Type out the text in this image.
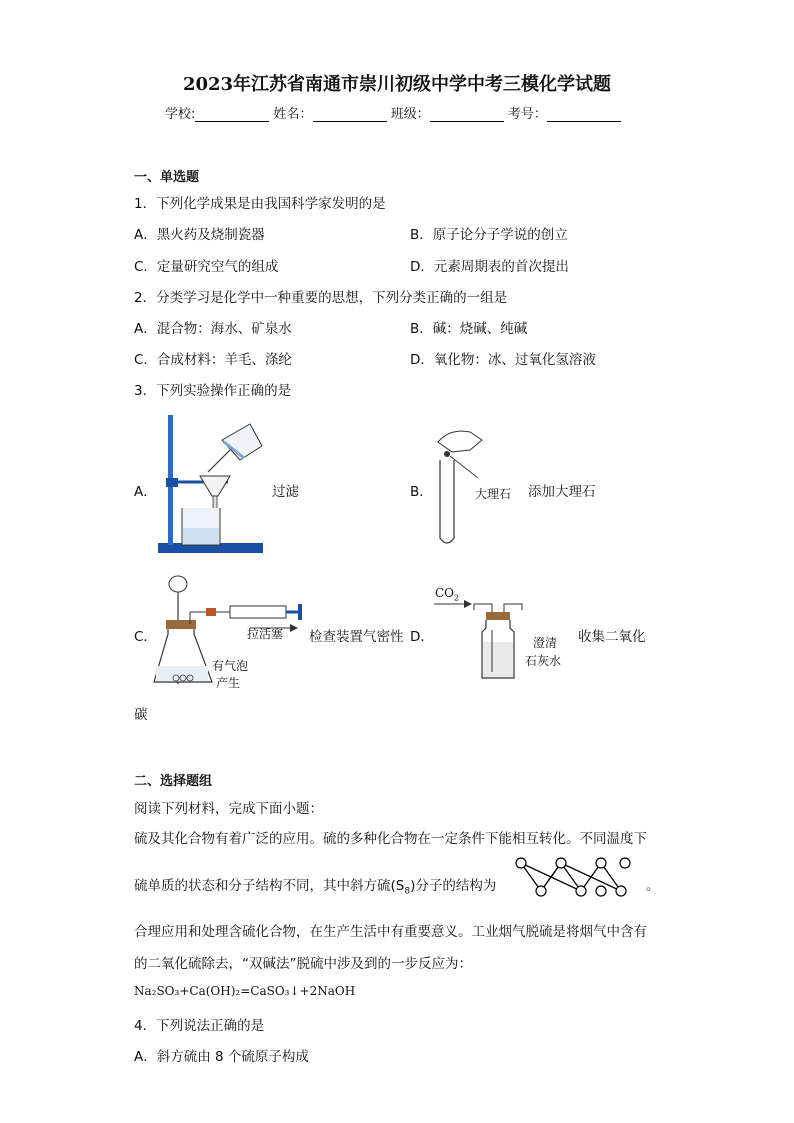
2023年江苏省南通市崇川初级中学中考三模化学试题
学校:	姓名：	班级：	考号：
一、单选题
1．下列化学成果是由我国科学家发明的是
A．黑火药及烧制瓷器	B．原子论分子学说的创立
C．定量研究空气的组成	D．元素周期表的首次提出
2．分类学习是化学中一种重要的思想，下列分类正确的一组是
A．混合物：海水、矿泉水	B．碱：烧碱、纯碱
C．合成材料：羊毛、涤纶	D．氧化物：冰、过氧化氢溶液
3．下列实验操作正确的是
A．	过滤	B．	大理石 添加大理石
C．	拉活塞
有气泡
产生
检查装置气密性 D．
$CO_2$
澄清
石灰水
收集二氧化
碳
二、选择题组
阅读下列材料，完成下面小题：
硫及其化合物有着广泛的应用。硫的多种化合物在一定条件下能相互转化。不同温度下
硫单质的状态和分子结构不同，其中斜方硫$(S_8)$分子的结构为	。
合理应用和处理含硫化合物，在生产生活中有重要意义。工业烟气脱硫是将烟气中含有
的二氧化硫除去，“双碱法”脱硫中涉及到的一步反应为：
Na₂SO₃+Ca(OH)₂=CaSO₃↓+2NaOH
4．下列说法正确的是
A．斜方硫由 8 个硫原子构成
